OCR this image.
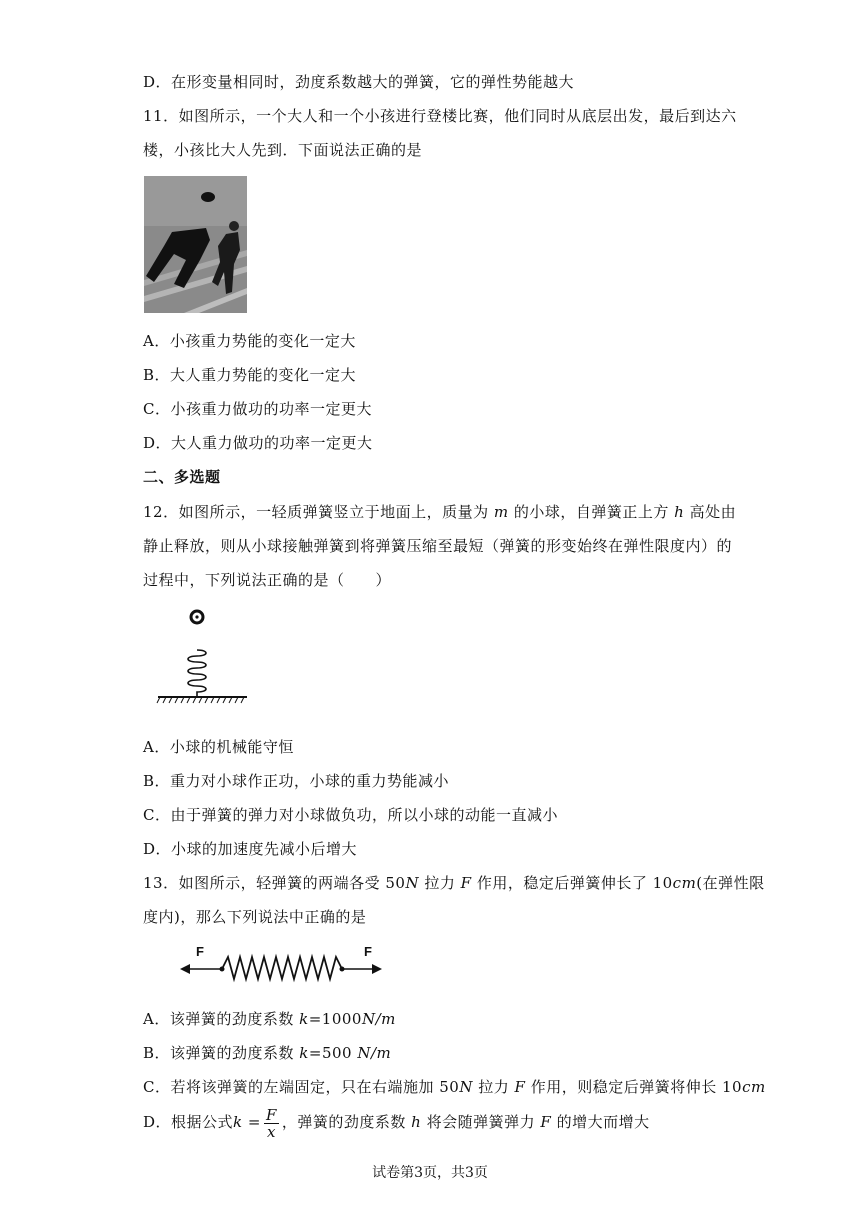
D．在形变量相同时，劲度系数越大的弹簧，它的弹性势能越大
11．如图所示，一个大人和一个小孩进行登楼比赛，他们同时从底层出发，最后到达六
楼，小孩比大人先到．下面说法正确的是
A．小孩重力势能的变化一定大
B．大人重力势能的变化一定大
C．小孩重力做功的功率一定更大
D．大人重力做功的功率一定更大
二、多选题
12．如图所示，一轻质弹簧竖立于地面上，质量为 m 的小球，自弹簧正上方 h 高处由
静止释放，则从小球接触弹簧到将弹簧压缩至最短（弹簧的形变始终在弹性限度内）的
过程中，下列说法正确的是（　　）
A．小球的机械能守恒
B．重力对小球作正功，小球的重力势能减小
C．由于弹簧的弹力对小球做负功，所以小球的动能一直减小
D．小球的加速度先减小后增大
13．如图所示，轻弹簧的两端各受 50N 拉力 F 作用，稳定后弹簧伸长了 10cm(在弹性限
度内)，那么下列说法中正确的是
F	F
A．该弹簧的劲度系数 k=1000N/m
B．该弹簧的劲度系数 k=500 N/m
C．若将该弹簧的左端固定，只在右端施加 50N 拉力 F 作用，则稳定后弹簧将伸长 10cm
D．根据公式$k = \frac{F}{x}$ ，弹簧的劲度系数 h 将会随弹簧弹力 F 的增大而增大
试卷第3页，共3页
